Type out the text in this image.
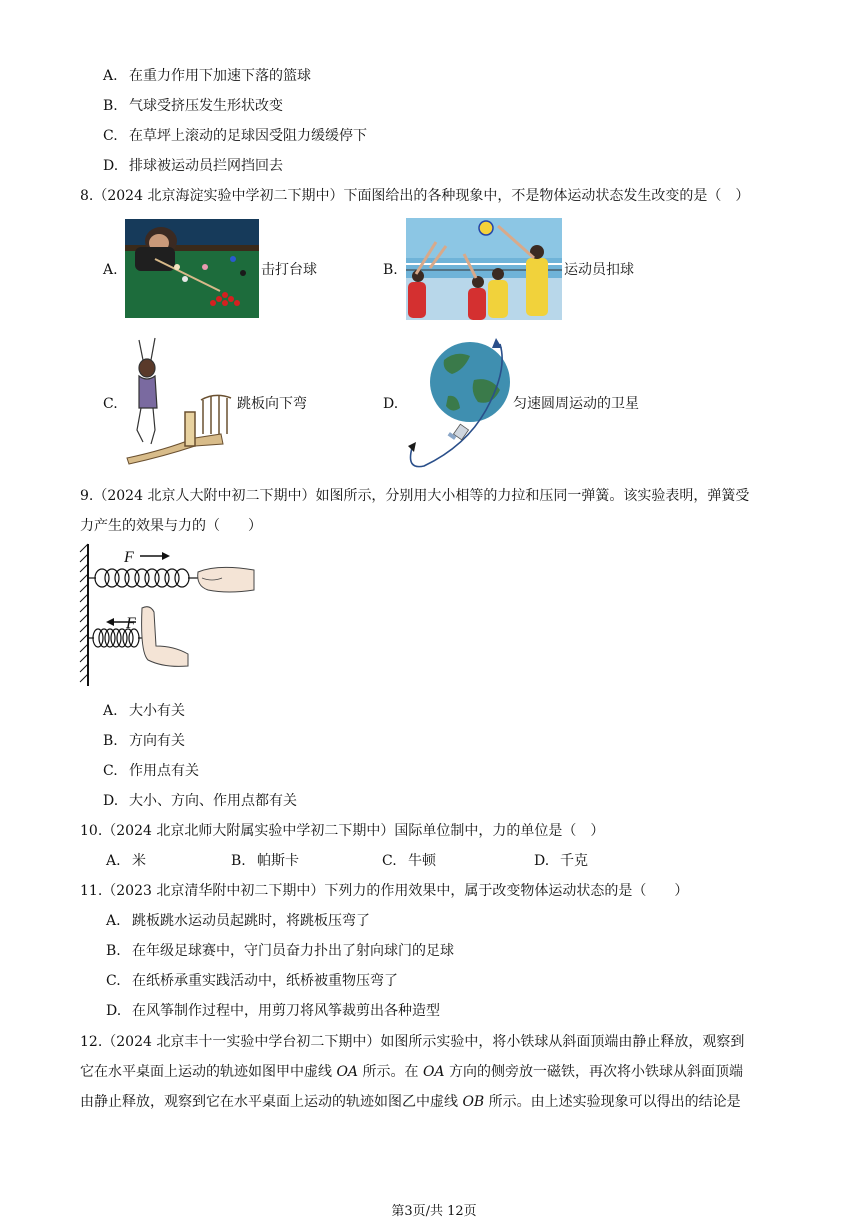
A. 在重力作用下加速下落的篮球
B. 气球受挤压发生形状改变
C. 在草坪上滚动的足球因受阻力缓缓停下
D. 排球被运动员拦网挡回去
8.（2024 北京海淀实验中学初二下期中）下面图给出的各种现象中，不是物体运动状态发生改变的是（　）
A.	击打台球	B.	运动员扣球
C.	跳板向下弯	D.	匀速圆周运动的卫星
9.（2024 北京人大附中初二下期中）如图所示，分别用大小相等的力拉和压同一弹簧。该实验表明，弹簧受
力产生的效果与力的（　　）
F
F
A. 大小有关
B. 方向有关
C. 作用点有关
D. 大小、方向、作用点都有关
10.（2024 北京北师大附属实验中学初二下期中）国际单位制中，力的单位是（　）
A. 米	B. 帕斯卡	C. 牛顿	D. 千克
11.（2023 北京清华附中初二下期中）下列力的作用效果中，属于改变物体运动状态的是（　　）
A. 跳板跳水运动员起跳时，将跳板压弯了
B. 在年级足球赛中，守门员奋力扑出了射向球门的足球
C. 在纸桥承重实践活动中，纸桥被重物压弯了
D. 在风筝制作过程中，用剪刀将风筝裁剪出各种造型
12.（2024 北京丰十一实验中学台初二下期中）如图所示实验中，将小铁球从斜面顶端由静止释放，观察到
它在水平桌面上运动的轨迹如图甲中虚线 OA 所示。在 OA 方向的侧旁放一磁铁，再次将小铁球从斜面顶端
由静止释放，观察到它在水平桌面上运动的轨迹如图乙中虚线 OB 所示。由上述实验现象可以得出的结论是
第3页/共 12页
